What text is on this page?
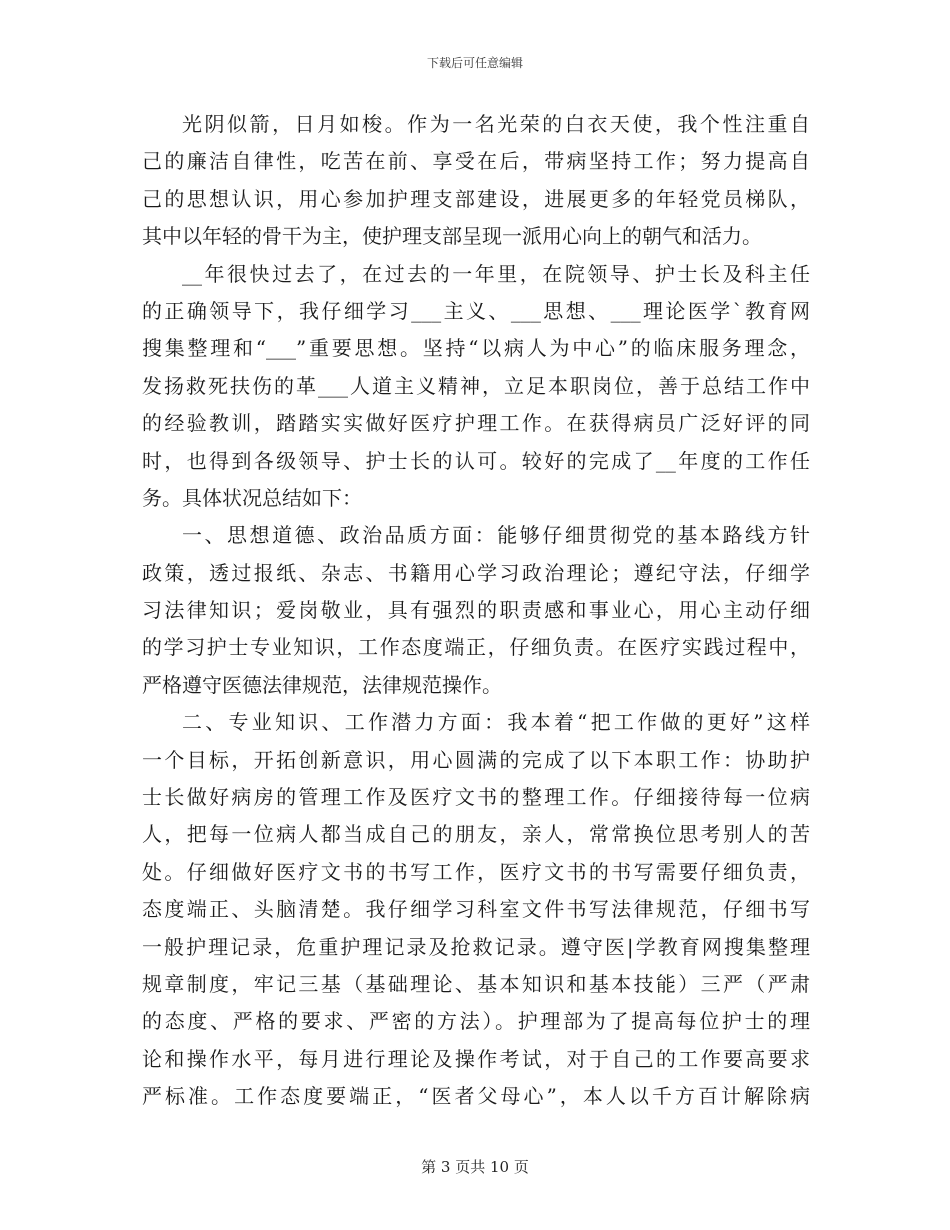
下载后可任意编辑
光阴似箭，日月如梭。作为一名光荣的白衣天使，我个性注重自
己的廉洁自律性，吃苦在前、享受在后，带病坚持工作；努力提高自
己的思想认识，用心参加护理支部建设，进展更多的年轻党员梯队，
其中以年轻的骨干为主，使护理支部呈现一派用心向上的朝气和活力。
__年很快过去了，在过去的一年里，在院领导、护士长及科主任
的正确领导下，我仔细学习___主义、___思想、___理论医学`教育网
搜集整理和“___”重要思想。坚持“以病人为中心”的临床服务理念，
发扬救死扶伤的革___人道主义精神，立足本职岗位，善于总结工作中
的经验教训，踏踏实实做好医疗护理工作。在获得病员广泛好评的同
时，也得到各级领导、护士长的认可。较好的完成了__年度的工作任
务。具体状况总结如下：
一、思想道德、政治品质方面：能够仔细贯彻党的基本路线方针
政策，透过报纸、杂志、书籍用心学习政治理论；遵纪守法，仔细学
习法律知识；爱岗敬业，具有强烈的职责感和事业心，用心主动仔细
的学习护士专业知识，工作态度端正，仔细负责。在医疗实践过程中，
严格遵守医德法律规范，法律规范操作。
二、专业知识、工作潜力方面：我本着“把工作做的更好”这样
一个目标，开拓创新意识，用心圆满的完成了以下本职工作：协助护
士长做好病房的管理工作及医疗文书的整理工作。仔细接待每一位病
人，把每一位病人都当成自己的朋友，亲人，常常换位思考别人的苦
处。仔细做好医疗文书的书写工作，医疗文书的书写需要仔细负责，
态度端正、头脑清楚。我仔细学习科室文件书写法律规范，仔细书写
一般护理记录，危重护理记录及抢救记录。遵守医|学教育网搜集整理
规章制度，牢记三基（基础理论、基本知识和基本技能）三严（严肃
的态度、严格的要求、严密的方法）。护理部为了提高每位护士的理
论和操作水平，每月进行理论及操作考试，对于自己的工作要高要求
严标准。工作态度要端正，“医者父母心”，本人以千方百计解除病
第 3 页共 10 页
